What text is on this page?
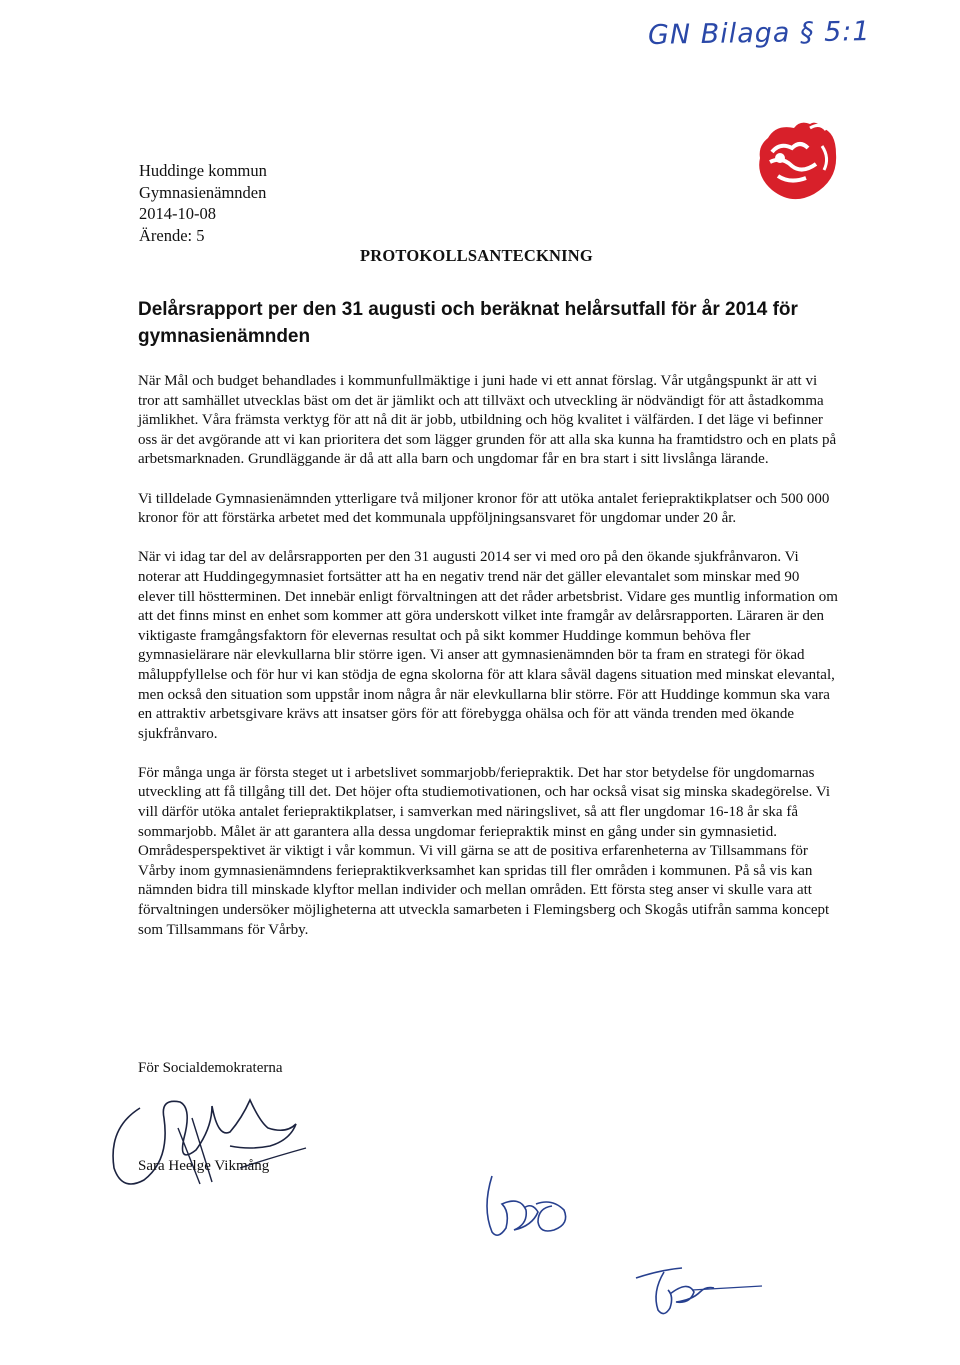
GN Bilaga § 5:1
Huddinge kommun
Gymnasienämnden
2014-10-08
Ärende: 5
PROTOKOLLSANTECKNING
Delårsrapport per den 31 augusti och beräknat helårsutfall för år 2014 för gymnasienämnden

När Mål och budget behandlades i kommunfullmäktige i juni hade vi ett annat förslag. Vår utgångspunkt är att vi tror att samhället utvecklas bäst om det är jämlikt och att tillväxt och utveckling är nödvändigt för att åstadkomma jämlikhet. Våra främsta verktyg för att nå dit är jobb, utbildning och hög kvalitet i välfärden. I det läge vi befinner oss är det avgörande att vi kan prioritera det som lägger grunden för att alla ska kunna ha framtidstro och en plats på arbetsmarknaden. Grundläggande är då att alla barn och ungdomar får en bra start i sitt livslånga lärande.

Vi tilldelade Gymnasienämnden ytterligare två miljoner kronor för att utöka antalet feriepraktikplatser och 500 000 kronor för att förstärka arbetet med det kommunala uppföljningsansvaret för ungdomar under 20 år.

När vi idag tar del av delårsrapporten per den 31 augusti 2014 ser vi med oro på den ökande sjukfrånvaron. Vi noterar att Huddingegymnasiet fortsätter att ha en negativ trend när det gäller elevantalet som minskar med 90 elever till höstterminen. Det innebär enligt förvaltningen att det råder arbetsbrist. Vidare ges muntlig information om att det finns minst en enhet som kommer att göra underskott vilket inte framgår av delårsrapporten. Läraren är den viktigaste framgångsfaktorn för elevernas resultat och på sikt kommer Huddinge kommun behöva fler gymnasielärare när elevkullarna blir större igen. Vi anser att gymnasienämnden bör ta fram en strategi för ökad måluppfyllelse och för hur vi kan stödja de egna skolorna för att klara såväl dagens situation med minskat elevantal, men också den situation som uppstår inom några år när elevkullarna blir större. För att Huddinge kommun ska vara en attraktiv arbetsgivare krävs att insatser görs för att förebygga ohälsa och för att vända trenden med ökande sjukfrånvaro.

För många unga är första steget ut i arbetslivet sommarjobb/feriepraktik. Det har stor betydelse för ungdomarnas utveckling att få tillgång till det. Det höjer ofta studiemotivationen, och har också visat sig minska skadegörelse. Vi vill därför utöka antalet feriepraktikplatser, i samverkan med näringslivet, så att fler ungdomar 16-18 år ska få sommarjobb. Målet är att garantera alla dessa ungdomar feriepraktik minst en gång under sin gymnasietid. Områdesperspektivet är viktigt i vår kommun. Vi vill gärna se att de positiva erfarenheterna av Tillsammans för Vårby inom gymnasienämndens feriepraktikverksamhet kan spridas till fler områden i kommunen. På så vis kan nämnden bidra till minskade klyftor mellan individer och mellan områden. Ett första steg anser vi skulle vara att förvaltningen undersöker möjligheterna att utveckla samarbeten i Flemingsberg och Skogås utifrån samma koncept som Tillsammans för Vårby.

För Socialdemokraterna
Sara Heelge Vikmång
